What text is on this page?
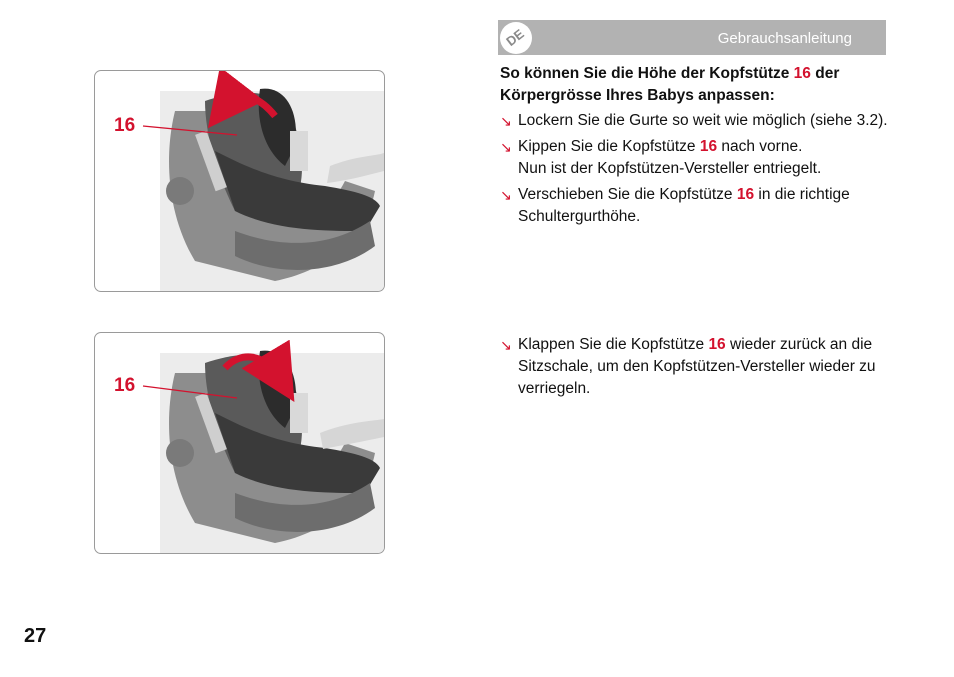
Gebrauchsanleitung
DE
16
16
So können Sie die Höhe der Kopfstütze 16 der Körpergrösse Ihres Babys anpassen:
↘ Lockern Sie die Gurte so weit wie möglich (siehe 3.2).
↘ Kippen Sie die Kopfstütze 16 nach vorne.
Nun ist der Kopfstützen-Versteller entriegelt.
↘ Verschieben Sie die Kopfstütze 16 in die richtige Schultergurthöhe.
↘ Klappen Sie die Kopfstütze 16 wieder zurück an die Sitzschale, um den Kopfstützen-Versteller wieder zu verriegeln.
27
